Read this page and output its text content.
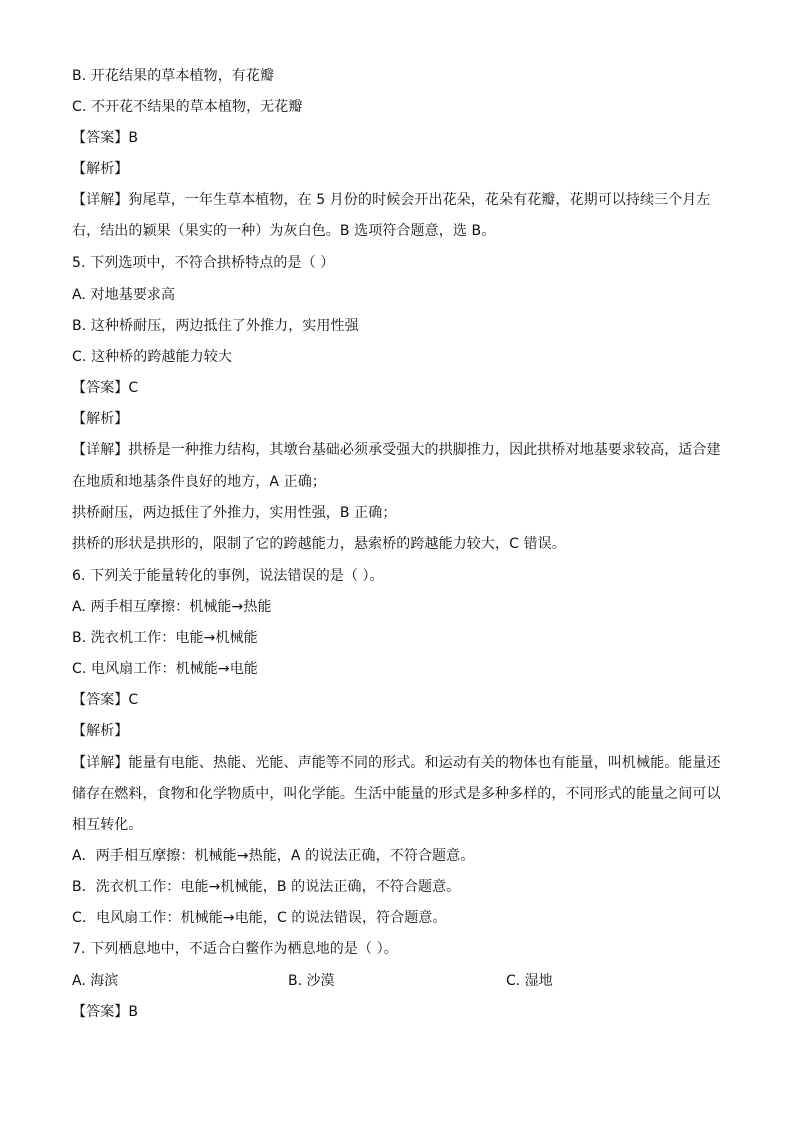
B. 开花结果的草本植物，有花瓣
C. 不开花不结果的草本植物，无花瓣
【答案】B
【解析】
【详解】狗尾草，一年生草本植物，在 5 月份的时候会开出花朵，花朵有花瓣，花期可以持续三个月左
右，结出的颖果（果实的一种）为灰白色。B 选项符合题意，选 B。
5. 下列选项中，不符合拱桥特点的是（ ）
A. 对地基要求高
B. 这种桥耐压，两边抵住了外推力，实用性强
C. 这种桥的跨越能力较大
【答案】C
【解析】
【详解】拱桥是一种推力结构，其墩台基础必须承受强大的拱脚推力，因此拱桥对地基要求较高，适合建
在地质和地基条件良好的地方，A 正确；
拱桥耐压，两边抵住了外推力，实用性强，B 正确；
拱桥的形状是拱形的，限制了它的跨越能力，悬索桥的跨越能力较大，C 错误。
6. 下列关于能量转化的事例，说法错误的是（ ）。
A. 两手相互摩擦：机械能→热能
B. 洗衣机工作：电能→机械能
C. 电风扇工作：机械能→电能
【答案】C
【解析】
【详解】能量有电能、热能、光能、声能等不同的形式。和运动有关的物体也有能量，叫机械能。能量还
储存在燃料，食物和化学物质中，叫化学能。生活中能量的形式是多种多样的，不同形式的能量之间可以
相互转化。
A．两手相互摩擦：机械能→热能，A 的说法正确，不符合题意。
B．洗衣机工作：电能→机械能，B 的说法正确，不符合题意。
C．电风扇工作：机械能→电能，C 的说法错误，符合题意。
7. 下列栖息地中，不适合白鳖作为栖息地的是（ ）。
A. 海滨	B. 沙漠	C. 湿地
【答案】B
